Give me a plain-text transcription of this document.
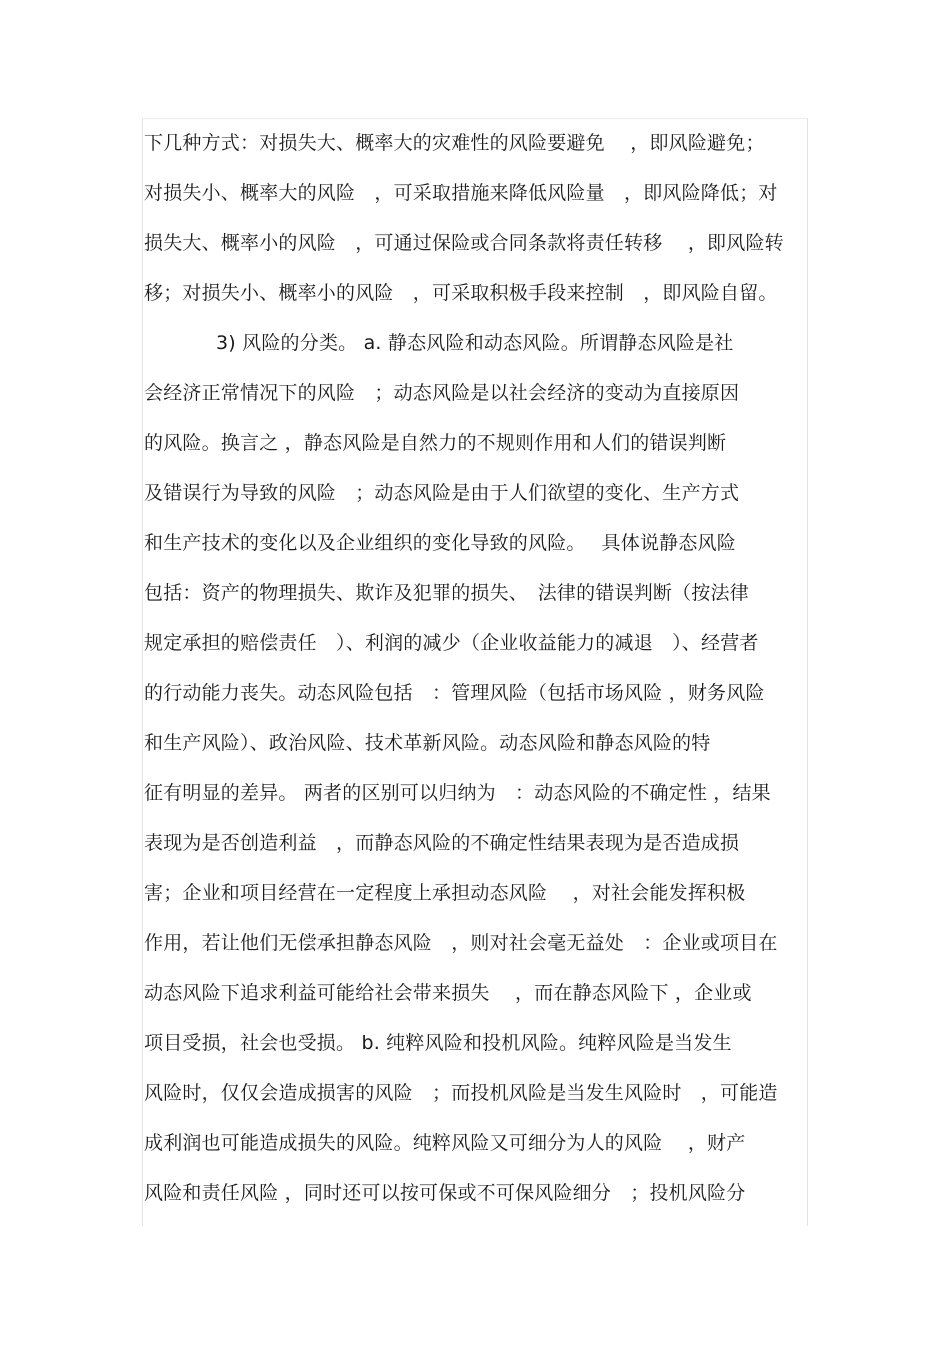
下几种方式：对损失大、概率大的灾难性的风险要避免　 ，即风险避免；
对损失小、概率大的风险　，可采取措施来降低风险量　，即风险降低；对
损失大、概率小的风险　，可通过保险或合同条款将责任转移　 ，即风险转
移；对损失小、概率小的风险　，可采取积极手段来控制　，即风险自留。
3) 风险的分类。 a. 静态风险和动态风险。所谓静态风险是社
会经济正常情况下的风险　；动态风险是以社会经济的变动为直接原因
的风险。换言之 ，静态风险是自然力的不规则作用和人们的错误判断
及错误行为导致的风险　；动态风险是由于人们欲望的变化、生产方式
和生产技术的变化以及企业组织的变化导致的风险。　 具体说静态风险
包括：资产的物理损失、欺诈及犯罪的损失、　法律的错误判断（按法律
规定承担的赔偿责任　）、利润的减少（企业收益能力的减退　）、经营者
的行动能力丧失。动态风险包括　：管理风险（包括市场风险 ，财务风险
和生产风险）、政治风险、技术革新风险。动态风险和静态风险的特
征有明显的差异。 两者的区别可以归纳为　：动态风险的不确定性 ，结果
表现为是否创造利益　，而静态风险的不确定性结果表现为是否造成损
害；企业和项目经营在一定程度上承担动态风险　 ，对社会能发挥积极
作用，若让他们无偿承担静态风险　，则对社会毫无益处　：企业或项目在
动态风险下追求利益可能给社会带来损失　 ，而在静态风险下 ，企业或
项目受损，社会也受损。 b. 纯粹风险和投机风险。纯粹风险是当发生
风险时，仅仅会造成损害的风险　；而投机风险是当发生风险时　，可能造
成利润也可能造成损失的风险。纯粹风险又可细分为人的风险　 ，财产
风险和责任风险 ，同时还可以按可保或不可保风险细分　；投机风险分
